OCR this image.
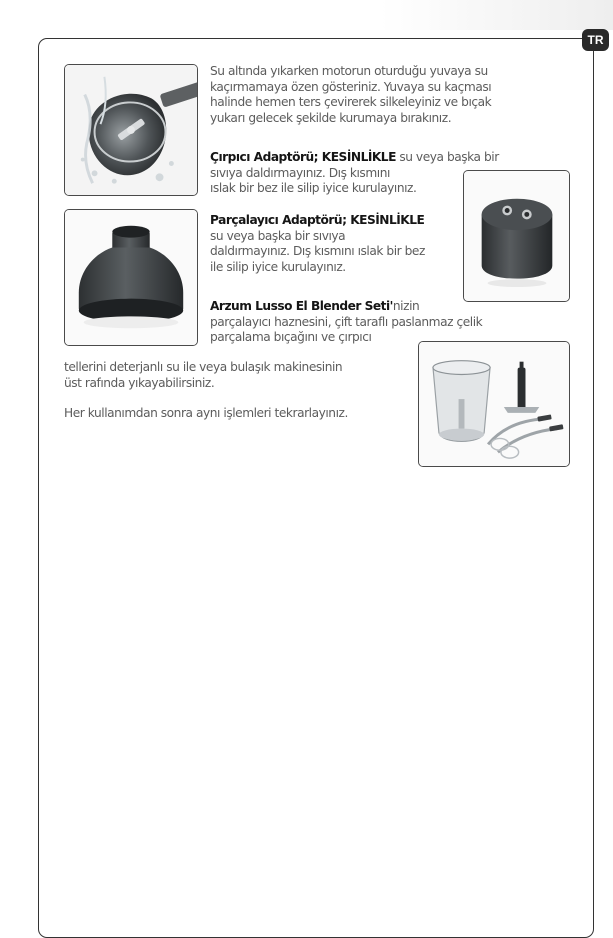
TR
Su altında yıkarken motorun oturduğu yuvaya su
kaçırmamaya özen gösteriniz. Yuvaya su kaçması
halinde hemen ters çevirerek silkeleyiniz ve bıçak
yukarı gelecek şekilde kurumaya bırakınız.
Çırpıcı Adaptörü; KESİNLİKLE su veya başka bir
sıvıya daldırmayınız. Dış kısmını
ıslak bir bez ile silip iyice kurulayınız.
Parçalayıcı Adaptörü; KESİNLİKLE
su veya başka bir sıvıya
daldırmayınız. Dış kısmını ıslak bir bez
ile silip iyice kurulayınız.
Arzum Lusso El Blender Seti'nizin
parçalayıcı haznesini, çift taraflı paslanmaz çelik
parçalama bıçağını ve çırpıcı
tellerini deterjanlı su ile veya bulaşık makinesinin
üst rafında yıkayabilirsiniz.
Her kullanımdan sonra aynı işlemleri tekrarlayınız.
